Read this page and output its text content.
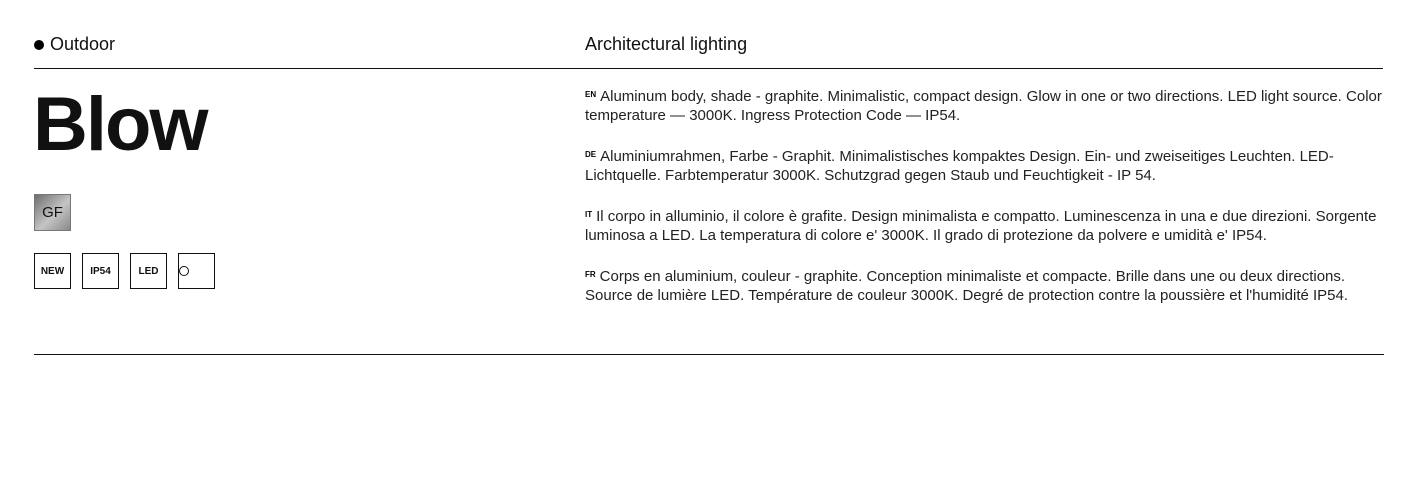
Outdoor	Architectural lighting
Blow
GF
NEW	IP54	LED

$^{EN}$ Aluminum body, shade - graphite. Minimalistic, compact design. Glow in one or two directions. LED light source. Color temperature — 3000K. Ingress Protection Code — IP54.

$^{DE}$ Aluminiumrahmen, Farbe - Graphit. Minimalistisches kompaktes Design. Ein- und zweiseitiges Leuchten. LED-Lichtquelle. Farbtemperatur 3000K. Schutzgrad gegen Staub und Feuchtigkeit - IP 54.

$^{IT}$ Il corpo in alluminio, il colore è grafite. Design minimalista e compatto. Luminescenza in una e due direzioni. Sorgente luminosa a LED. La temperatura di colore e' 3000K. Il grado di protezione da polvere e umidità e' IP54.

$^{FR}$ Corps en aluminium, couleur - graphite. Conception minimaliste et compacte. Brille dans une ou deux directions. Source de lumière LED. Température de couleur 3000K. Degré de protection contre la poussière et l'humidité IP54.
